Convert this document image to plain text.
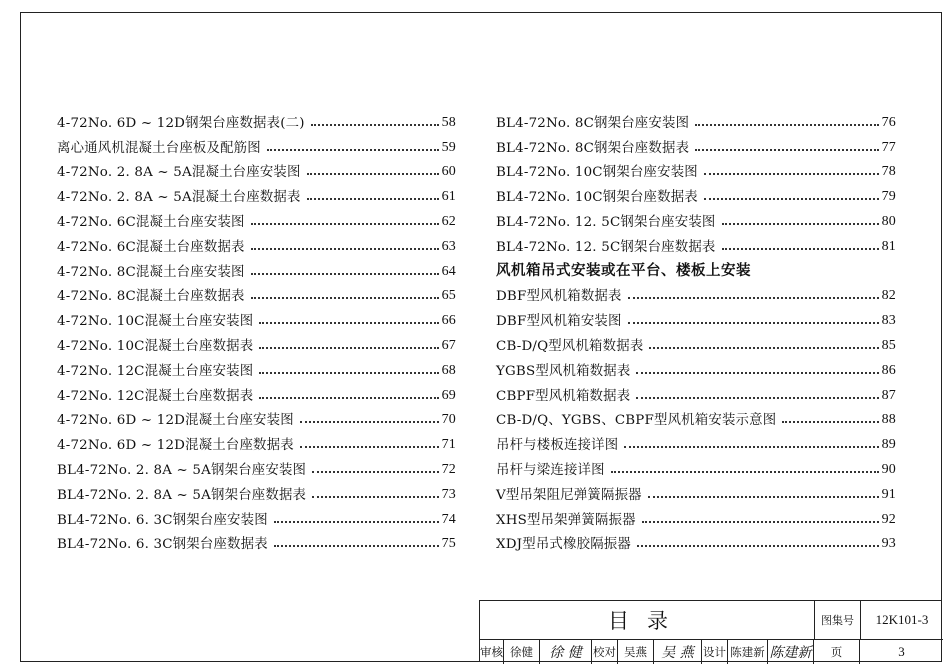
4-72No. 6D ~ 12D钢架台座数据表(二)	58
离心通风机混凝土台座板及配筋图	59
4-72No. 2. 8A ~ 5A混凝土台座安装图	60
4-72No. 2. 8A ~ 5A混凝土台座数据表	61
4-72No. 6C混凝土台座安装图	62
4-72No. 6C混凝土台座数据表	63
4-72No. 8C混凝土台座安装图	64
4-72No. 8C混凝土台座数据表	65
4-72No. 10C混凝土台座安装图	66
4-72No. 10C混凝土台座数据表	67
4-72No. 12C混凝土台座安装图	68
4-72No. 12C混凝土台座数据表	69
4-72No. 6D ~ 12D混凝土台座安装图	70
4-72No. 6D ~ 12D混凝土台座数据表	71
BL4-72No. 2. 8A ~ 5A钢架台座安装图	72
BL4-72No. 2. 8A ~ 5A钢架台座数据表	73
BL4-72No. 6. 3C钢架台座安装图	74
BL4-72No. 6. 3C钢架台座数据表	75
BL4-72No. 8C钢架台座安装图	76
BL4-72No. 8C钢架台座数据表	77
BL4-72No. 10C钢架台座安装图	78
BL4-72No. 10C钢架台座数据表	79
BL4-72No. 12. 5C钢架台座安装图	80
BL4-72No. 12. 5C钢架台座数据表	81
风机箱吊式安装或在平台、楼板上安装
DBF型风机箱数据表	82
DBF型风机箱安装图	83
CB-D/Q型风机箱数据表	85
YGBS型风机箱数据表	86
CBPF型风机箱数据表	87
CB-D/Q、YGBS、CBPF型风机箱安装示意图	88
吊杆与楼板连接详图	89
吊杆与梁连接详图	90
V型吊架阻尼弹簧隔振器	91
XHS型吊架弹簧隔振器	92
XDJ型吊式橡胶隔振器	93
目录	图集号	12K101-3
审核 徐健	徐 健 校对 吴燕	吴 燕 设计 陈建新 陈建新	页	3
